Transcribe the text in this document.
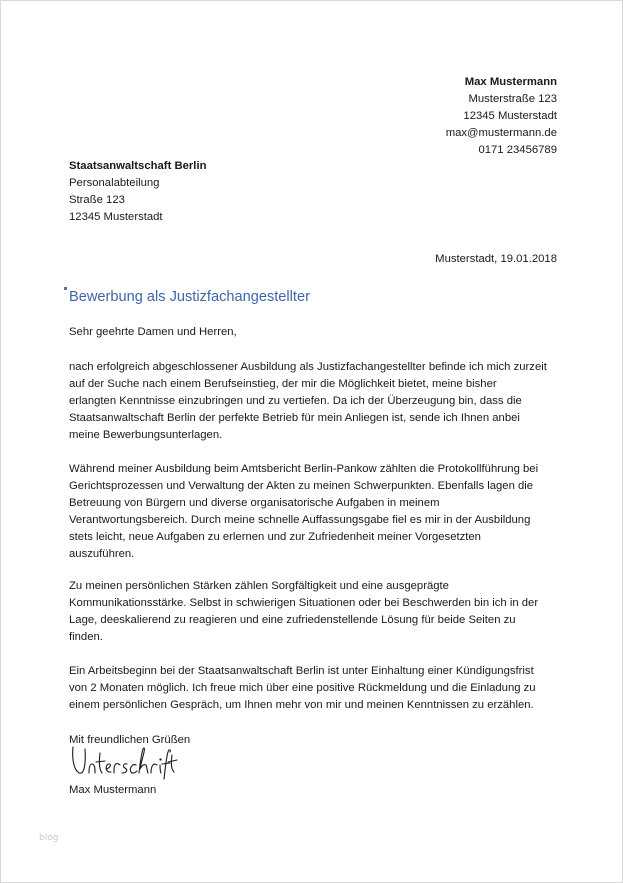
Max Mustermann
Musterstraße 123
12345 Musterstadt
max@mustermann.de
0171 23456789
Staatsanwaltschaft Berlin
Personalabteilung
Straße 123
12345 Musterstadt
Musterstadt, 19.01.2018
Bewerbung als Justizfachangestellter
Sehr geehrte Damen und Herren,
nach erfolgreich abgeschlossener Ausbildung als Justizfachangestellter befinde ich mich zurzeit
auf der Suche nach einem Berufseinstieg, der mir die Möglichkeit bietet, meine bisher
erlangten Kenntnisse einzubringen und zu vertiefen. Da ich der Überzeugung bin, dass die
Staatsanwaltschaft Berlin der perfekte Betrieb für mein Anliegen ist, sende ich Ihnen anbei
meine Bewerbungsunterlagen.
Während meiner Ausbildung beim Amtsbericht Berlin-Pankow zählten die Protokollführung bei
Gerichtsprozessen und Verwaltung der Akten zu meinen Schwerpunkten. Ebenfalls lagen die
Betreuung von Bürgern und diverse organisatorische Aufgaben in meinem
Verantwortungsbereich. Durch meine schnelle Auffassungsgabe fiel es mir in der Ausbildung
stets leicht, neue Aufgaben zu erlernen und zur Zufriedenheit meiner Vorgesetzten
auszuführen.
Zu meinen persönlichen Stärken zählen Sorgfältigkeit und eine ausgeprägte
Kommunikationsstärke. Selbst in schwierigen Situationen oder bei Beschwerden bin ich in der
Lage, deeskalierend zu reagieren und eine zufriedenstellende Lösung für beide Seiten zu
finden.
Ein Arbeitsbeginn bei der Staatsanwaltschaft Berlin ist unter Einhaltung einer Kündigungsfrist
von 2 Monaten möglich. Ich freue mich über eine positive Rückmeldung und die Einladung zu
einem persönlichen Gespräch, um Ihnen mehr von mir und meinen Kenntnissen zu erzählen.
Mit freundlichen Grüßen
Max Mustermann
blog
